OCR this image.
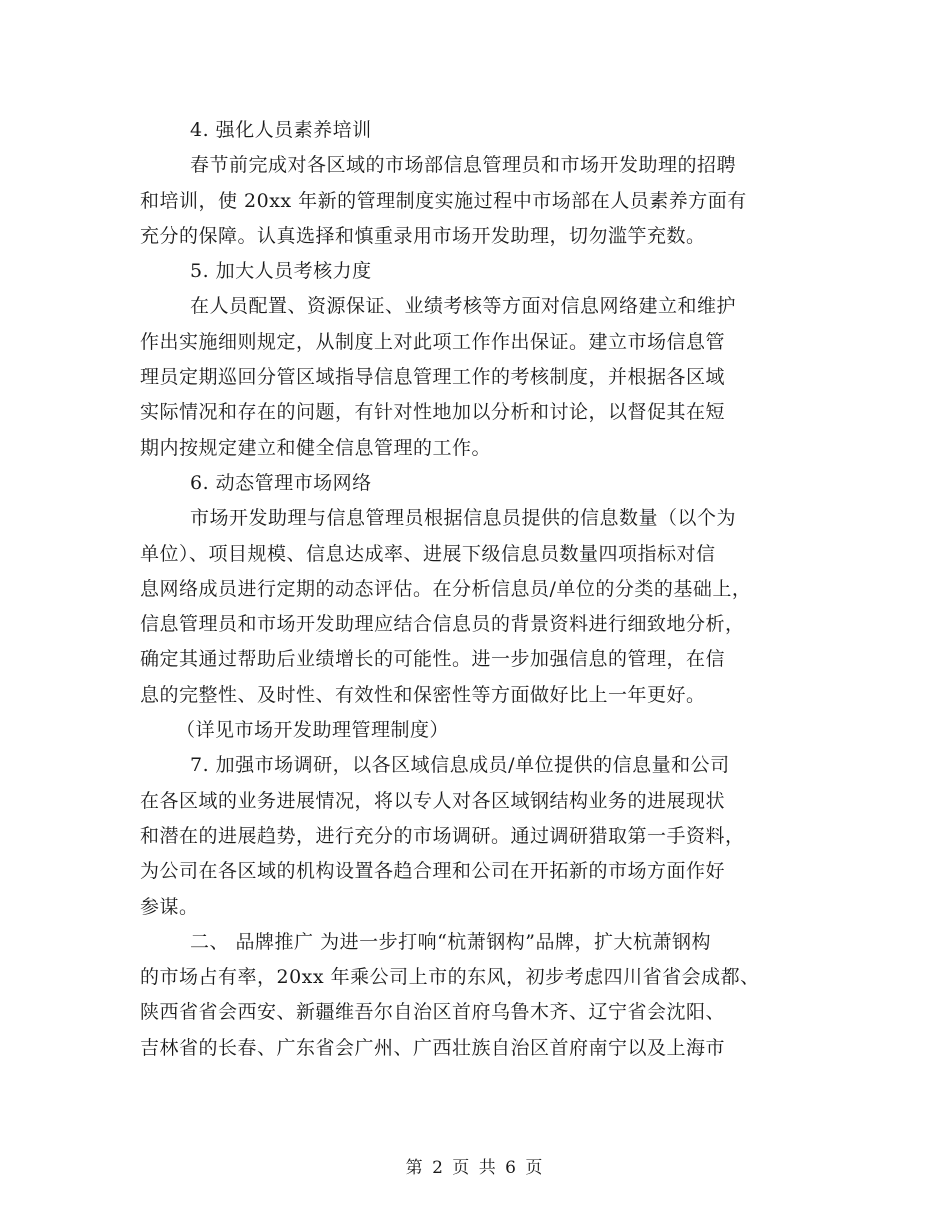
4. 强化人员素养培训
春节前完成对各区域的市场部信息管理员和市场开发助理的招聘
和培训，使 20xx 年新的管理制度实施过程中市场部在人员素养方面有
充分的保障。认真选择和慎重录用市场开发助理，切勿滥竽充数。
5. 加大人员考核力度
在人员配置、资源保证、业绩考核等方面对信息网络建立和维护
作出实施细则规定，从制度上对此项工作作出保证。建立市场信息管
理员定期巡回分管区域指导信息管理工作的考核制度，并根据各区域
实际情况和存在的问题，有针对性地加以分析和讨论，以督促其在短
期内按规定建立和健全信息管理的工作。
6. 动态管理市场网络
市场开发助理与信息管理员根据信息员提供的信息数量（以个为
单位）、项目规模、信息达成率、进展下级信息员数量四项指标对信
息网络成员进行定期的动态评估。在分析信息员/单位的分类的基础上，
信息管理员和市场开发助理应结合信息员的背景资料进行细致地分析，
确定其通过帮助后业绩增长的可能性。进一步加强信息的管理，在信
息的完整性、及时性、有效性和保密性等方面做好比上一年更好。
（详见市场开发助理管理制度）
7. 加强市场调研，以各区域信息成员/单位提供的信息量和公司
在各区域的业务进展情况，将以专人对各区域钢结构业务的进展现状
和潜在的进展趋势，进行充分的市场调研。通过调研猎取第一手资料，
为公司在各区域的机构设置各趋合理和公司在开拓新的市场方面作好
参谋。
二、 品牌推广 为进一步打响“杭萧钢构”品牌，扩大杭萧钢构
的市场占有率，20xx 年乘公司上市的东风，初步考虑四川省省会成都、
陕西省省会西安、新疆维吾尔自治区首府乌鲁木齐、辽宁省会沈阳、
吉林省的长春、广东省会广州、广西壮族自治区首府南宁以及上海市
第 2 页 共 6 页
